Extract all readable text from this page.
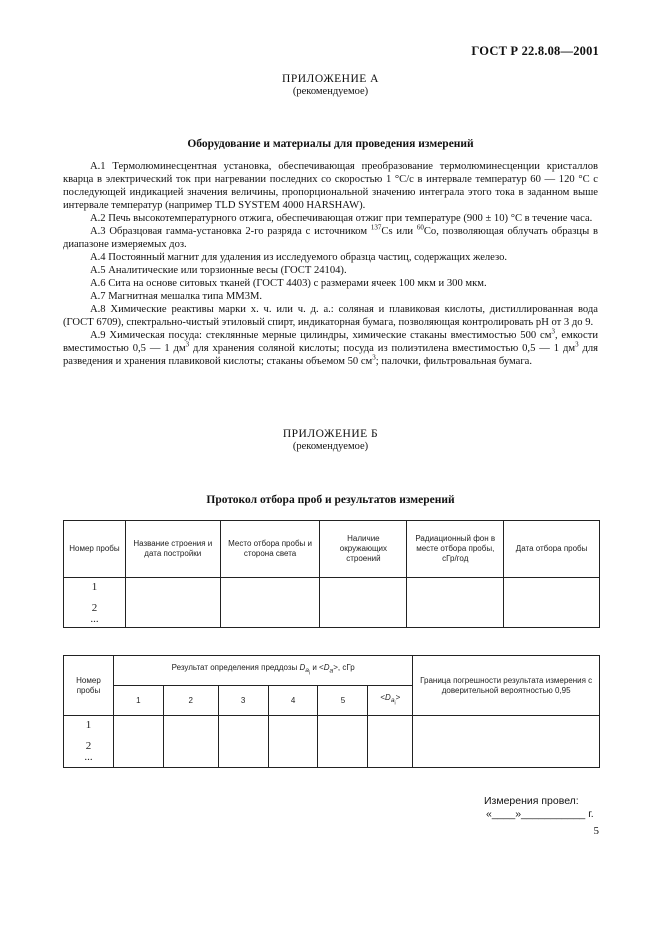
ГОСТ Р 22.8.08—2001
ПРИЛОЖЕНИЕ А
(рекомендуемое)
Оборудование и материалы для проведения измерений

А.1 Термолюминесцентная установка, обеспечивающая преобразование термолюминесценции кристаллов кварца в электрический ток при нагревании последних со скоростью 1 °С/с в интервале температур 60 — 120 °С с последующей индикацией значения величины, пропорциональной значению интеграла этого тока в заданном выше интервале температур (например TLD SYSTEM 4000 HARSHAW).

А.2 Печь высокотемпературного отжига, обеспечивающая отжиг при температуре (900 ± 10) °С в течение часа.

А.3 Образцовая гамма-установка 2-го разряда с источником $^{137}$Cs или $^{60}$Co, позволяющая облучать образцы в диапазоне измеряемых доз.

А.4 Постоянный магнит для удаления из исследуемого образца частиц, содержащих железо.

А.5 Аналитические или торзионные весы (ГОСТ 24104).

А.6 Сита на основе ситовых тканей (ГОСТ 4403) с размерами ячеек 100 мкм и 300 мкм.

А.7 Магнитная мешалка типа ММ3М.

А.8 Химические реактивы марки х. ч. или ч. д. а.: соляная и плавиковая кислоты, дистиллированная вода (ГОСТ 6709), спектрально-чистый этиловый спирт, индикаторная бумага, позволяющая контролировать pH от 3 до 9.

А.9 Химическая посуда: стеклянные мерные цилиндры, химические стаканы вместимостью 500 $см^3$, емкости вместимостью 0,5 — 1 $дм^3$ для хранения соляной кислоты; посуда из полиэтилена вместимостью 0,5 — 1 $дм^3$ для разведения и хранения плавиковой кислоты; стаканы объемом 50 $см^3$; палочки, фильтровальная бумага.

ПРИЛОЖЕНИЕ Б
(рекомендуемое)
Протокол отбора проб и результатов измерений
Номер пробы	Название строения и дата постройки	Место отбора пробы и сторона света	Наличие окружающих строений	Радиационный фон в месте отбора пробы, сГр/год	Дата отбора пробы

1
2
...					

Номер пробы	Результат определения преддозы $D_{a_i}$ $и <D_a>$, сГр						Граница погрешности результата измерения с доверительной вероятностью 0,95
	1	2	3	4	5	$<D_{a_i}>$	

1
2
...							

Измерения провел:
«____»___________ г.
5
